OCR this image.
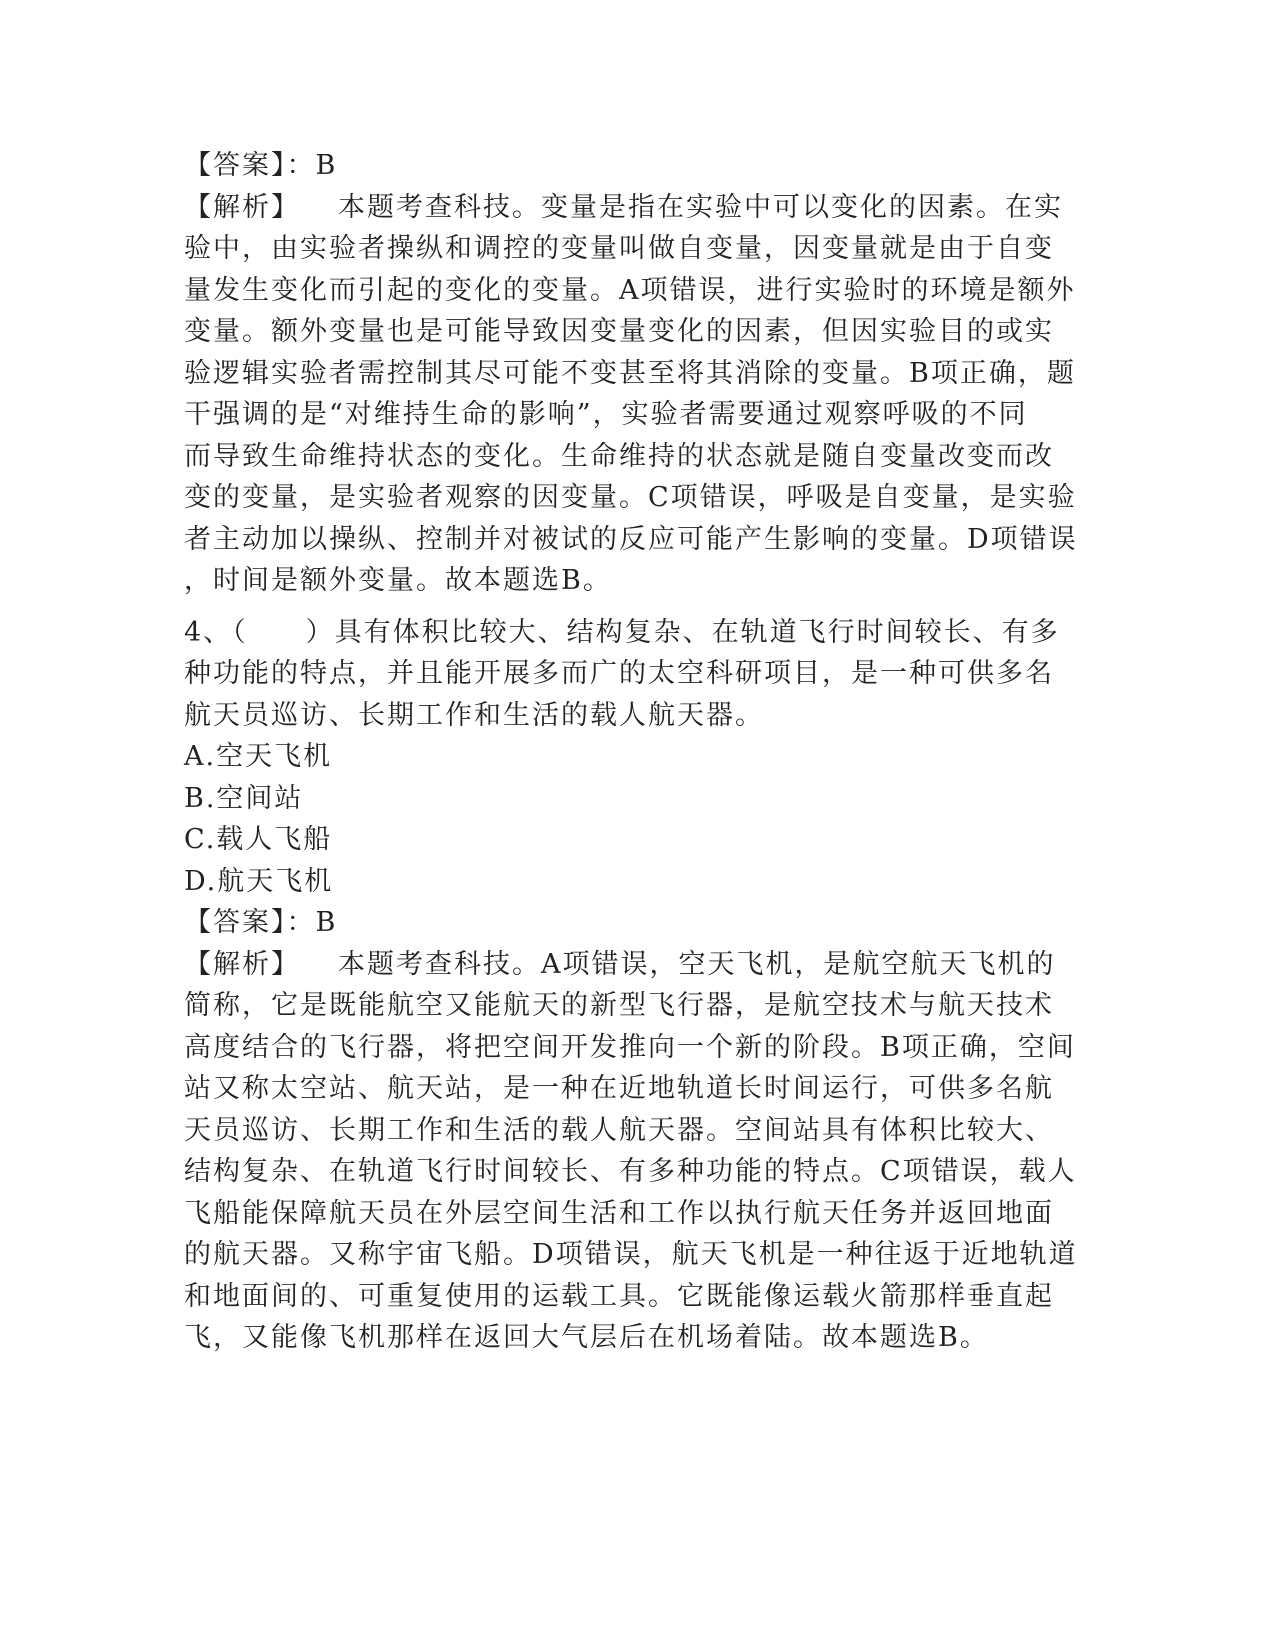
【答案】：B
【解析】 本题考查科技。变量是指在实验中可以变化的因素。在实
验中，由实验者操纵和调控的变量叫做自变量，因变量就是由于自变
量发生变化而引起的变化的变量。A项错误，进行实验时的环境是额外
变量。额外变量也是可能导致因变量变化的因素，但因实验目的或实
验逻辑实验者需控制其尽可能不变甚至将其消除的变量。B项正确，题
干强调的是“对维持生命的影响”，实验者需要通过观察呼吸的不同
而导致生命维持状态的变化。生命维持的状态就是随自变量改变而改
变的变量，是实验者观察的因变量。C项错误，呼吸是自变量，是实验
者主动加以操纵、控制并对被试的反应可能产生影响的变量。D项错误
，时间是额外变量。故本题选B。
4、（　　）具有体积比较大、结构复杂、在轨道飞行时间较长、有多
种功能的特点，并且能开展多而广的太空科研项目，是一种可供多名
航天员巡访、长期工作和生活的载人航天器。
A.空天飞机
B.空间站
C.载人飞船
D.航天飞机
【答案】：B
【解析】 本题考查科技。A项错误，空天飞机，是航空航天飞机的
简称，它是既能航空又能航天的新型飞行器，是航空技术与航天技术
高度结合的飞行器，将把空间开发推向一个新的阶段。B项正确，空间
站又称太空站、航天站，是一种在近地轨道长时间运行，可供多名航
天员巡访、长期工作和生活的载人航天器。空间站具有体积比较大、
结构复杂、在轨道飞行时间较长、有多种功能的特点。C项错误，载人
飞船能保障航天员在外层空间生活和工作以执行航天任务并返回地面
的航天器。又称宇宙飞船。D项错误，航天飞机是一种往返于近地轨道
和地面间的、可重复使用的运载工具。它既能像运载火箭那样垂直起
飞，又能像飞机那样在返回大气层后在机场着陆。故本题选B。
